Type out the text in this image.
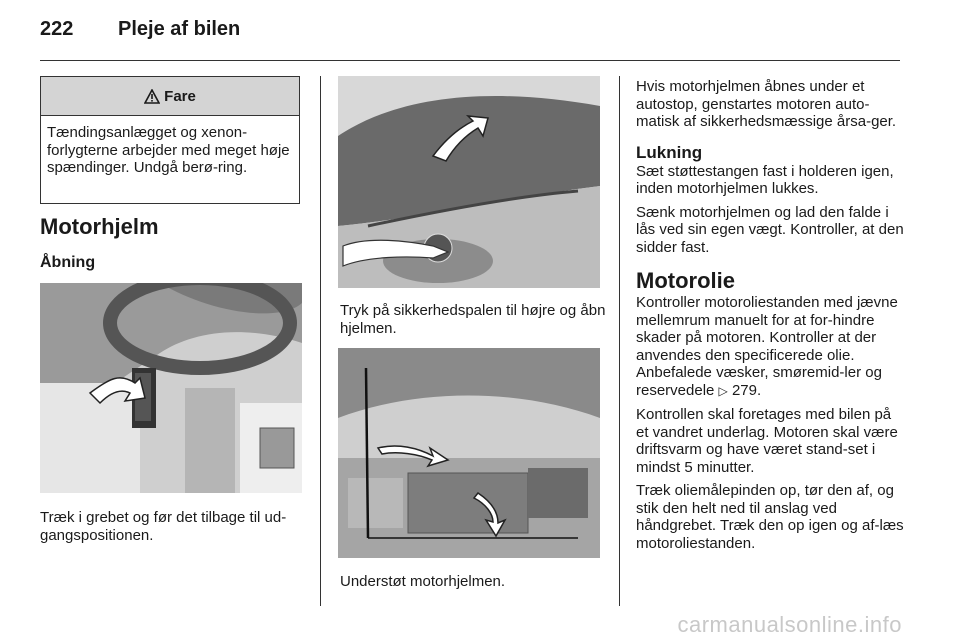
222 Pleje af bilen
Fare
Tændingsanlægget og xenon-forlygterne arbejder med meget høje spændinger. Undgå berø-ring.
Motorhjelm
Åbning
Træk i grebet og før det tilbage til ud-gangspositionen.
Tryk på sikkerhedspalen til højre og åbn hjelmen.
Understøt motorhjelmen.

Hvis motorhjelmen åbnes under et autostop, genstartes motoren auto-matisk af sikkerhedsmæssige årsa-ger.

Lukning

Sæt støttestangen fast i holderen igen, inden motorhjelmen lukkes.

Sænk motorhjelmen og lad den falde i lås ved sin egen vægt. Kontroller, at den sidder fast.

Motorolie

Kontroller motoroliestanden med jævne mellemrum manuelt for at for-hindre skader på motoren. Kontroller at der anvendes den specificerede olie. Anbefalede væsker, smøremid-ler og reservedele ▷ 279.

Kontrollen skal foretages med bilen på et vandret underlag. Motoren skal være driftsvarm og have været stand-set i mindst 5 minutter.

Træk oliemålepinden op, tør den af, og stik den helt ned til anslag ved håndgrebet. Træk den op igen og af-læs motoroliestanden.

carmanualsonline.info
